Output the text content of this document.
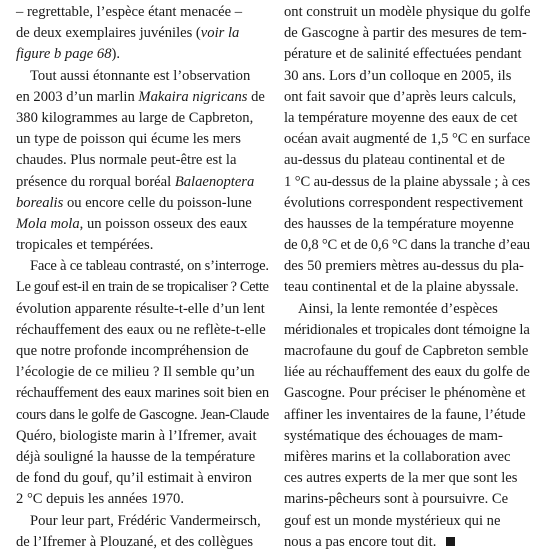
– regrettable, l’espèce étant menacée –
de deux exemplaires juvéniles (voir la
figure b page 68).
Tout aussi étonnante est l’observation
en 2003 d’un marlin Makaira nigricans de
380 kilogrammes au large de Capbreton,
un type de poisson qui écume les mers
chaudes. Plus normale peut-être est la
présence du rorqual boréal Balaenoptera
borealis ou encore celle du poisson-lune
Mola mola, un poisson osseux des eaux
tropicales et tempérées.
Face à ce tableau contrasté, on s’interroge.
Le gouf est-il en train de se tropicaliser ? Cette
évolution apparente résulte-t-elle d’un lent
réchauffement des eaux ou ne reflète-t-elle
que notre profonde incompréhension de
l’écologie de ce milieu ? Il semble qu’un
réchauffement des eaux marines soit bien en
cours dans le golfe de Gascogne. Jean-Claude
Quéro, biologiste marin à l’Ifremer, avait
déjà souligné la hausse de la température
de fond du gouf, qu’il estimait à environ
2 °C depuis les années 1970.
Pour leur part, Frédéric Vandermeirsch,
de l’Ifremer à Plouzané, et des collègues
ont construit un modèle physique du golfe
de Gascogne à partir des mesures de tem-
pérature et de salinité effectuées pendant
30 ans. Lors d’un colloque en 2005, ils
ont fait savoir que d’après leurs calculs,
la température moyenne des eaux de cet
océan avait augmenté de 1,5 °C en surface
au-dessus du plateau continental et de
1 °C au-dessus de la plaine abyssale ; à ces
évolutions correspondent respectivement
des hausses de la température moyenne
de 0,8 °C et de 0,6 °C dans la tranche d’eau
des 50 premiers mètres au-dessus du pla-
teau continental et de la plaine abyssale.
Ainsi, la lente remontée d’espèces
méridionales et tropicales dont témoigne la
macrofaune du gouf de Capbreton semble
liée au réchauffement des eaux du golfe de
Gascogne. Pour préciser le phénomène et
affiner les inventaires de la faune, l’étude
systématique des échouages de mam-
mifères marins et la collaboration avec
ces autres experts de la mer que sont les
marins-pêcheurs sont à poursuivre. Ce
gouf est un monde mystérieux qui ne
nous a pas encore tout dit.
